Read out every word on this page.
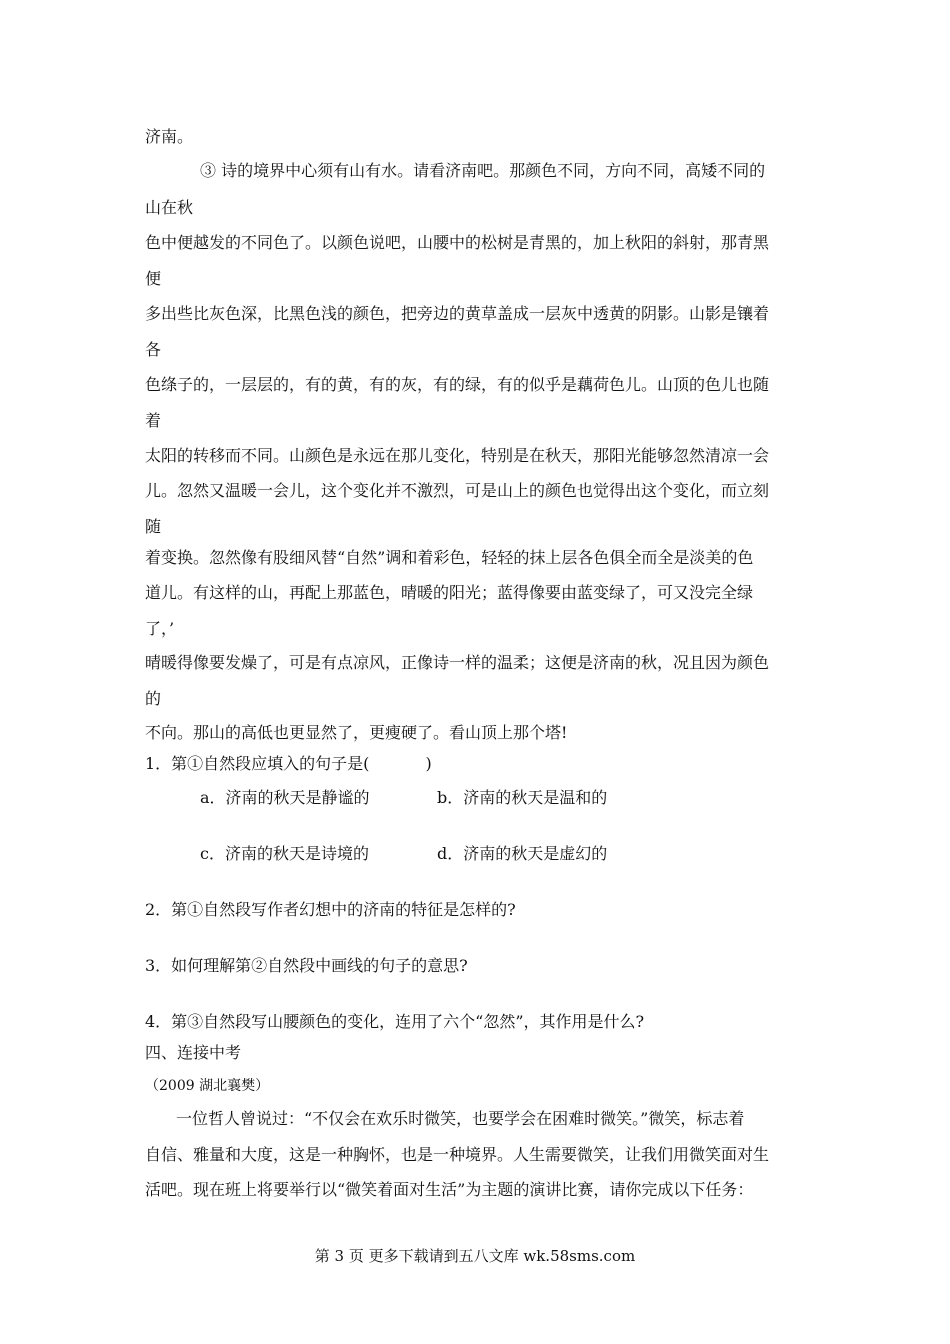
济南。

③ 诗的境界中心须有山有水。请看济南吧。那颜色不同，方向不同，高矮不同的

山在秋

色中便越发的不同色了。以颜色说吧，山腰中的松树是青黑的，加上秋阳的斜射，那青黑

便

多出些比灰色深，比黑色浅的颜色，把旁边的黄草盖成一层灰中透黄的阴影。山影是镶着

各

色绦子的，一层层的，有的黄，有的灰，有的绿，有的似乎是藕荷色儿。山顶的色儿也随

着

太阳的转移而不同。山颜色是永远在那儿变化，特别是在秋天，那阳光能够忽然清凉一会

儿。忽然又温暖一会儿，这个变化并不激烈，可是山上的颜色也觉得出这个变化，而立刻

随

着变换。忽然像有股细风替“自然”调和着彩色，轻轻的抹上层各色俱全而全是淡美的色

道儿。有这样的山，再配上那蓝色，晴暖的阳光；蓝得像要由蓝变绿了，可又没完全绿

了，’

晴暖得像要发燥了，可是有点凉风，正像诗一样的温柔；这便是济南的秋，况且因为颜色

的

不向。那山的高低也更显然了，更瘦硬了。看山顶上那个塔!

1．第①自然段应填入的句子是(	)

a．济南的秋天是静谧的	b．济南的秋天是温和的

c．济南的秋天是诗境的	d．济南的秋天是虚幻的

2．第①自然段写作者幻想中的济南的特征是怎样的?

3．如何理解第②自然段中画线的句子的意思?

4．第③自然段写山腰颜色的变化，连用了六个“忽然”，其作用是什么?

四、连接中考

（2009 湖北襄樊）

一位哲人曾说过：“不仅会在欢乐时微笑，也要学会在困难时微笑。”微笑，标志着

自信、雅量和大度，这是一种胸怀，也是一种境界。人生需要微笑，让我们用微笑面对生

活吧。现在班上将要举行以“微笑着面对生活”为主题的演讲比赛，请你完成以下任务：

第 3 页 更多下载请到五八文库 wk.58sms.com
